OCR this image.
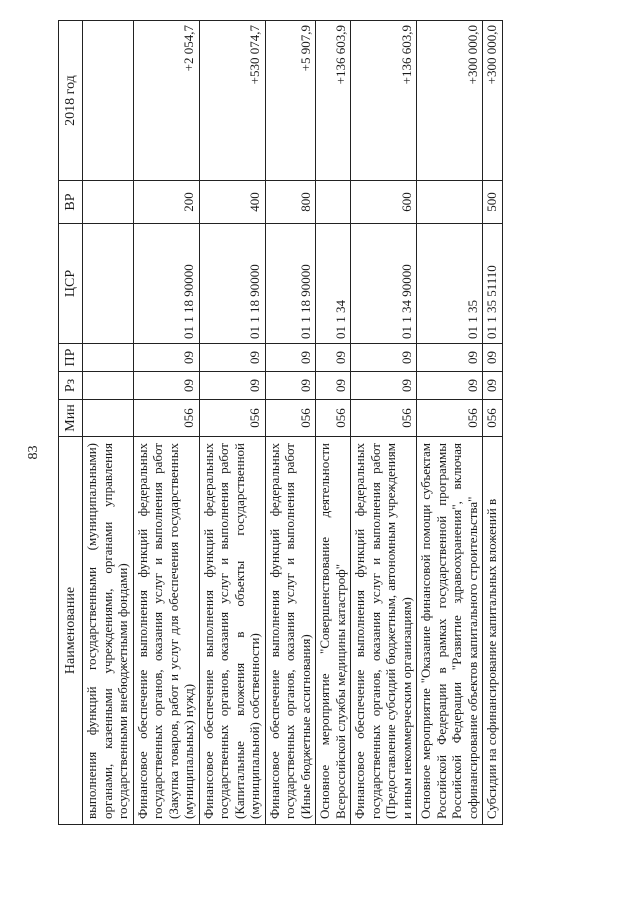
83
Наименование	Мин	Рз	ПР	ЦСР	ВР	2018 год
выполнения функций государственными (муниципальными) органами, казенными учреждениями, органами управления государственными внебюджетными фондами)						
Финансовое обеспечение выполнения функций федеральных государственных органов, оказания услуг и выполнения работ (Закупка товаров, работ и услуг для обеспечения государственных (муниципальных) нужд)	056	09	09	01 1 18 90000	200	+2 054,7
Финансовое обеспечение выполнения функций федеральных государственных органов, оказания услуг и выполнения работ (Капитальные вложения в объекты государственной (муниципальной) собственности)	056	09	09	01 1 18 90000	400	+530 074,7
Финансовое обеспечение выполнения функций федеральных государственных органов, оказания услуг и выполнения работ (Иные бюджетные ассигнования)	056	09	09	01 1 18 90000	800	+5 907,9
Основное мероприятие "Совершенствование деятельности Всероссийской службы медицины катастроф"	056	09	09	01 1 34		+136 603,9
Финансовое обеспечение выполнения функций федеральных государственных органов, оказания услуг и выполнения работ (Предоставление субсидий бюджетным, автономным учреждениям и иным некоммерческим организациям)	056	09	09	01 1 34 90000	600	+136 603,9
Основное мероприятие "Оказание финансовой помощи субъектам Российской Федерации в рамках государственной программы Российской Федерации "Развитие здравоохранения", включая софинансирование объектов капитального строительства"	056	09	09	01 1 35		+300 000,0
Субсидии на софинансирование капитальных вложений в	056	09	09	01 1 35 51110	500	+300 000,0
